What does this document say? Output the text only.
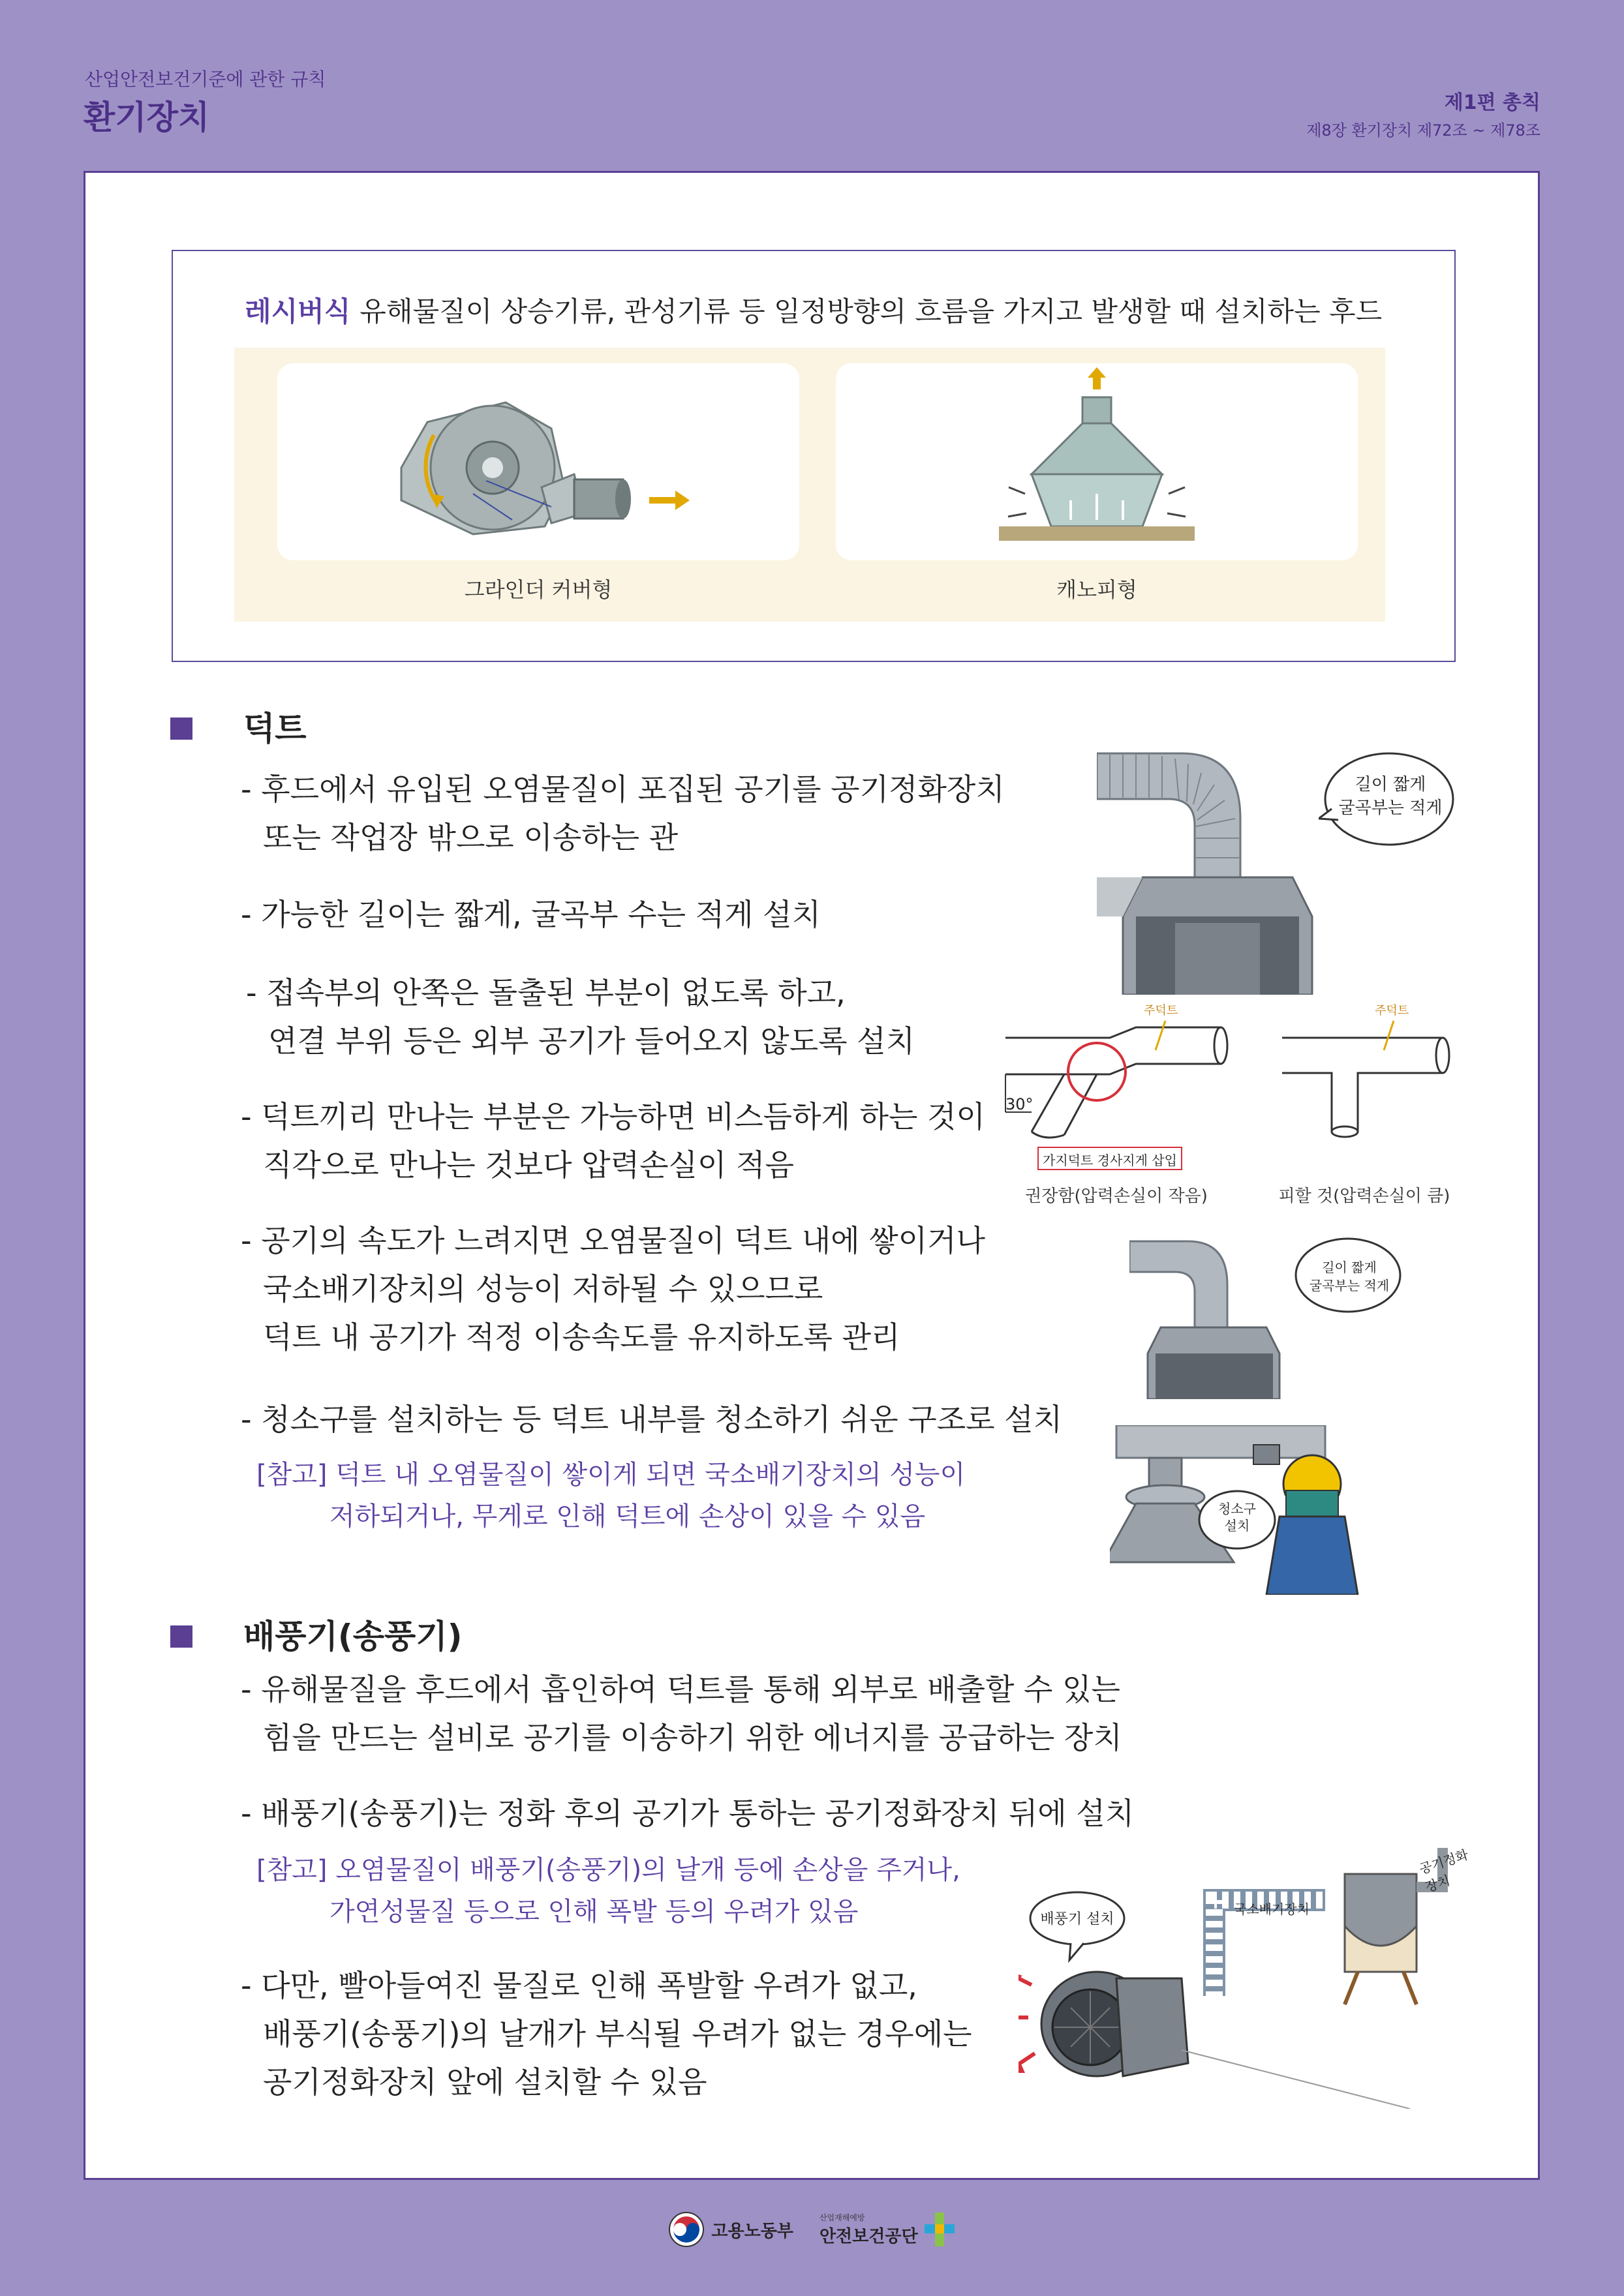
산업안전보건기준에 관한 규칙
환기장치	제1편 총칙
제8장 환기장치 제72조 ~ 제78조
레시버식 유해물질이 상승기류, 관성기류 등 일정방향의 흐름을 가지고 발생할 때 설치하는 후드
그라인더 커버형	캐노피형
덕트
- 후드에서 유입된 오염물질이 포집된 공기를 공기정화장치
또는 작업장 밖으로 이송하는 관
- 가능한 길이는 짧게, 굴곡부 수는 적게 설치
- 접속부의 안쪽은 돌출된 부분이 없도록 하고,
연결 부위 등은 외부 공기가 들어오지 않도록 설치
- 덕트끼리 만나는 부분은 가능하면 비스듬하게 하는 것이
직각으로 만나는 것보다 압력손실이 적음
- 공기의 속도가 느려지면 오염물질이 덕트 내에 쌓이거나
국소배기장치의 성능이 저하될 수 있으므로
덕트 내 공기가 적정 이송속도를 유지하도록 관리
- 청소구를 설치하는 등 덕트 내부를 청소하기 쉬운 구조로 설치
[참고] 덕트 내 오염물질이 쌓이게 되면 국소배기장치의 성능이
저하되거나, 무게로 인해 덕트에 손상이 있을 수 있음
길이 짧게
굴곡부는 적게
주덕트	주덕트
30°
가지덕트 경사지게 삽입
권장함(압력손실이 작음)	피할 것(압력손실이 큼)
길이 짧게
굴곡부는 적게
청소구
설치
배풍기(송풍기)
- 유해물질을 후드에서 흡인하여 덕트를 통해 외부로 배출할 수 있는
힘을 만드는 설비로 공기를 이송하기 위한 에너지를 공급하는 장치
- 배풍기(송풍기)는 정화 후의 공기가 통하는 공기정화장치 뒤에 설치
[참고] 오염물질이 배풍기(송풍기)의 날개 등에 손상을 주거나,
가연성물질 등으로 인해 폭발 등의 우려가 있음
- 다만, 빨아들여진 물질로 인해 폭발할 우려가 없고,
배풍기(송풍기)의 날개가 부식될 우려가 없는 경우에는
공기정화장치 앞에 설치할 수 있음
배풍기 설치
국소배기장치
공기정화장치
고용노동부
산업재해예방
안전보건공단
